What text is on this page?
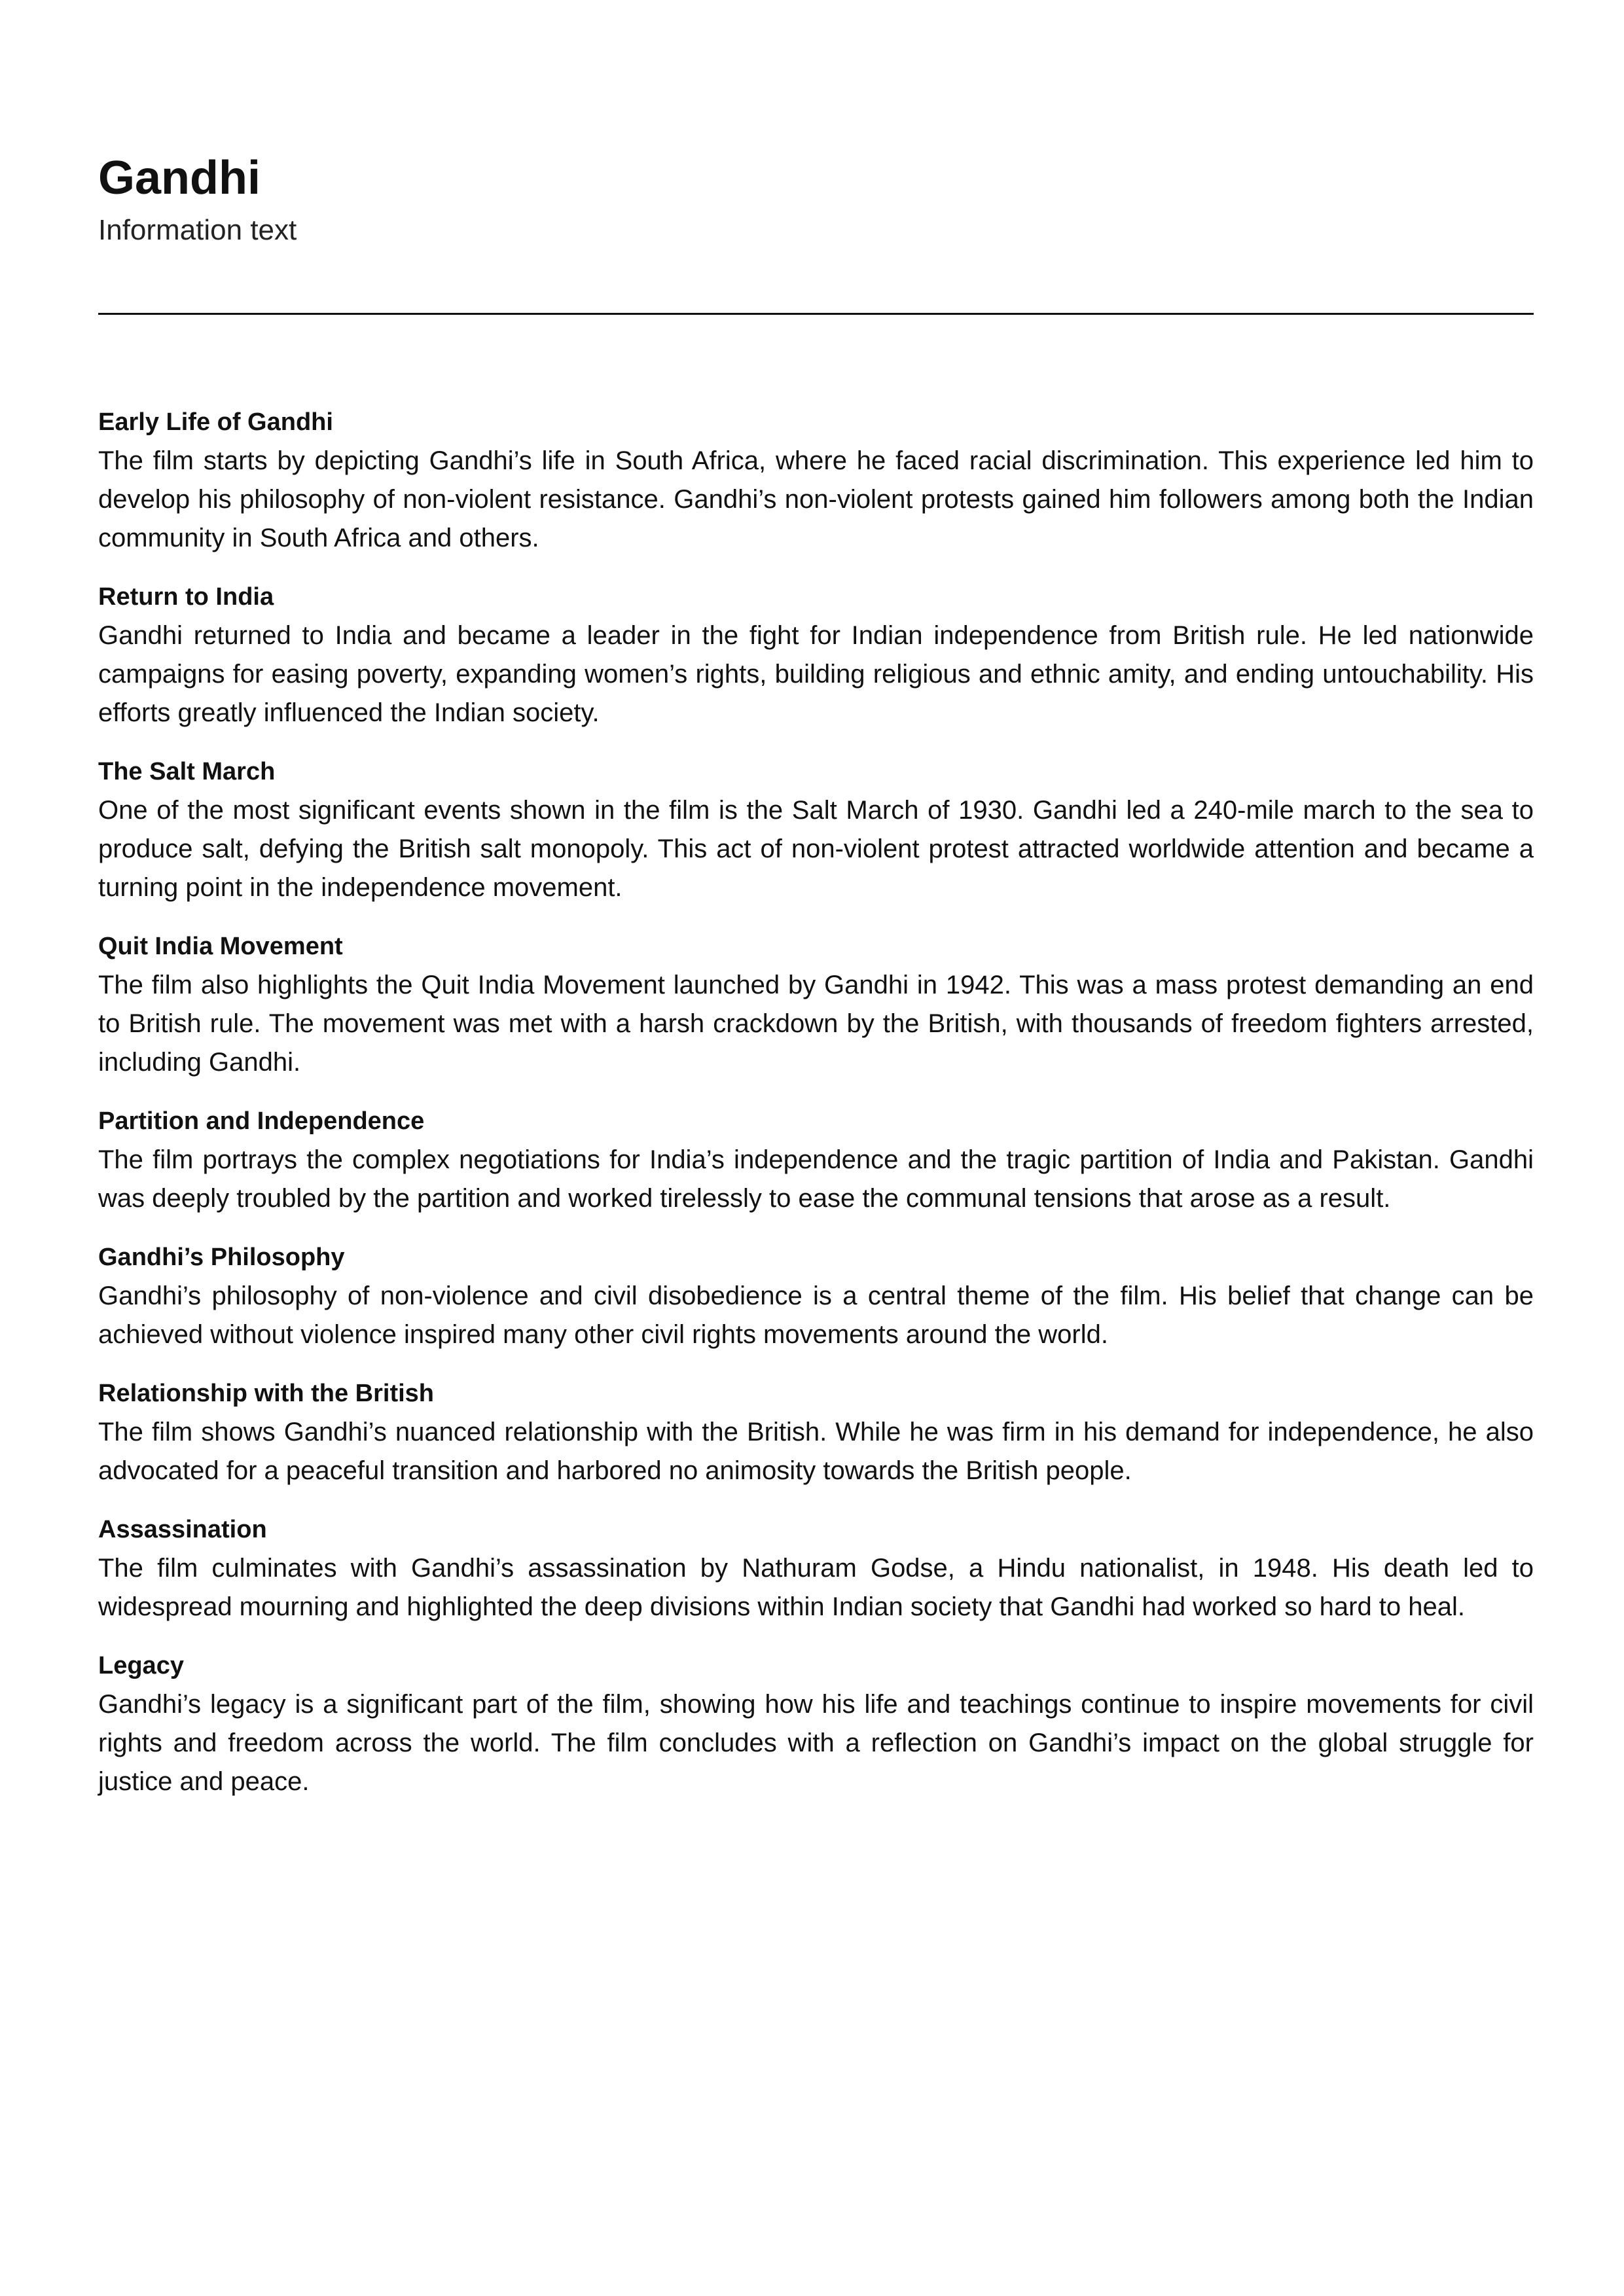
Gandhi
Information text
Early Life of Gandhi

The film starts by depicting Gandhi’s life in South Africa, where he faced racial discrimination. This experience led him to develop his philosophy of non-violent resistance. Gandhi’s non-violent protests gained him followers among both the Indian community in South Africa and others.

Return to India

Gandhi returned to India and became a leader in the fight for Indian independence from British rule. He led nationwide campaigns for easing poverty, expanding women’s rights, building religious and ethnic amity, and ending untouchability. His efforts greatly influenced the Indian society.

The Salt March

One of the most significant events shown in the film is the Salt March of 1930. Gandhi led a 240-mile march to the sea to produce salt, defying the British salt monopoly. This act of non-violent protest attracted worldwide attention and became a turning point in the independence movement.

Quit India Movement

The film also highlights the Quit India Movement launched by Gandhi in 1942. This was a mass protest demanding an end to British rule. The movement was met with a harsh crackdown by the British, with thousands of freedom fighters arrested, including Gandhi.

Partition and Independence

The film portrays the complex negotiations for India’s independence and the tragic partition of India and Pakistan. Gandhi was deeply troubled by the partition and worked tirelessly to ease the communal tensions that arose as a result.

Gandhi’s Philosophy

Gandhi’s philosophy of non-violence and civil disobedience is a central theme of the film. His belief that change can be achieved without violence inspired many other civil rights movements around the world.

Relationship with the British

The film shows Gandhi’s nuanced relationship with the British. While he was firm in his demand for independence, he also advocated for a peaceful transition and harbored no animosity towards the British people.

Assassination

The film culminates with Gandhi’s assassination by Nathuram Godse, a Hindu nationalist, in 1948. His death led to widespread mourning and highlighted the deep divisions within Indian society that Gandhi had worked so hard to heal.

Legacy

Gandhi’s legacy is a significant part of the film, showing how his life and teachings continue to inspire movements for civil rights and freedom across the world. The film concludes with a reflection on Gandhi’s impact on the global struggle for justice and peace.
